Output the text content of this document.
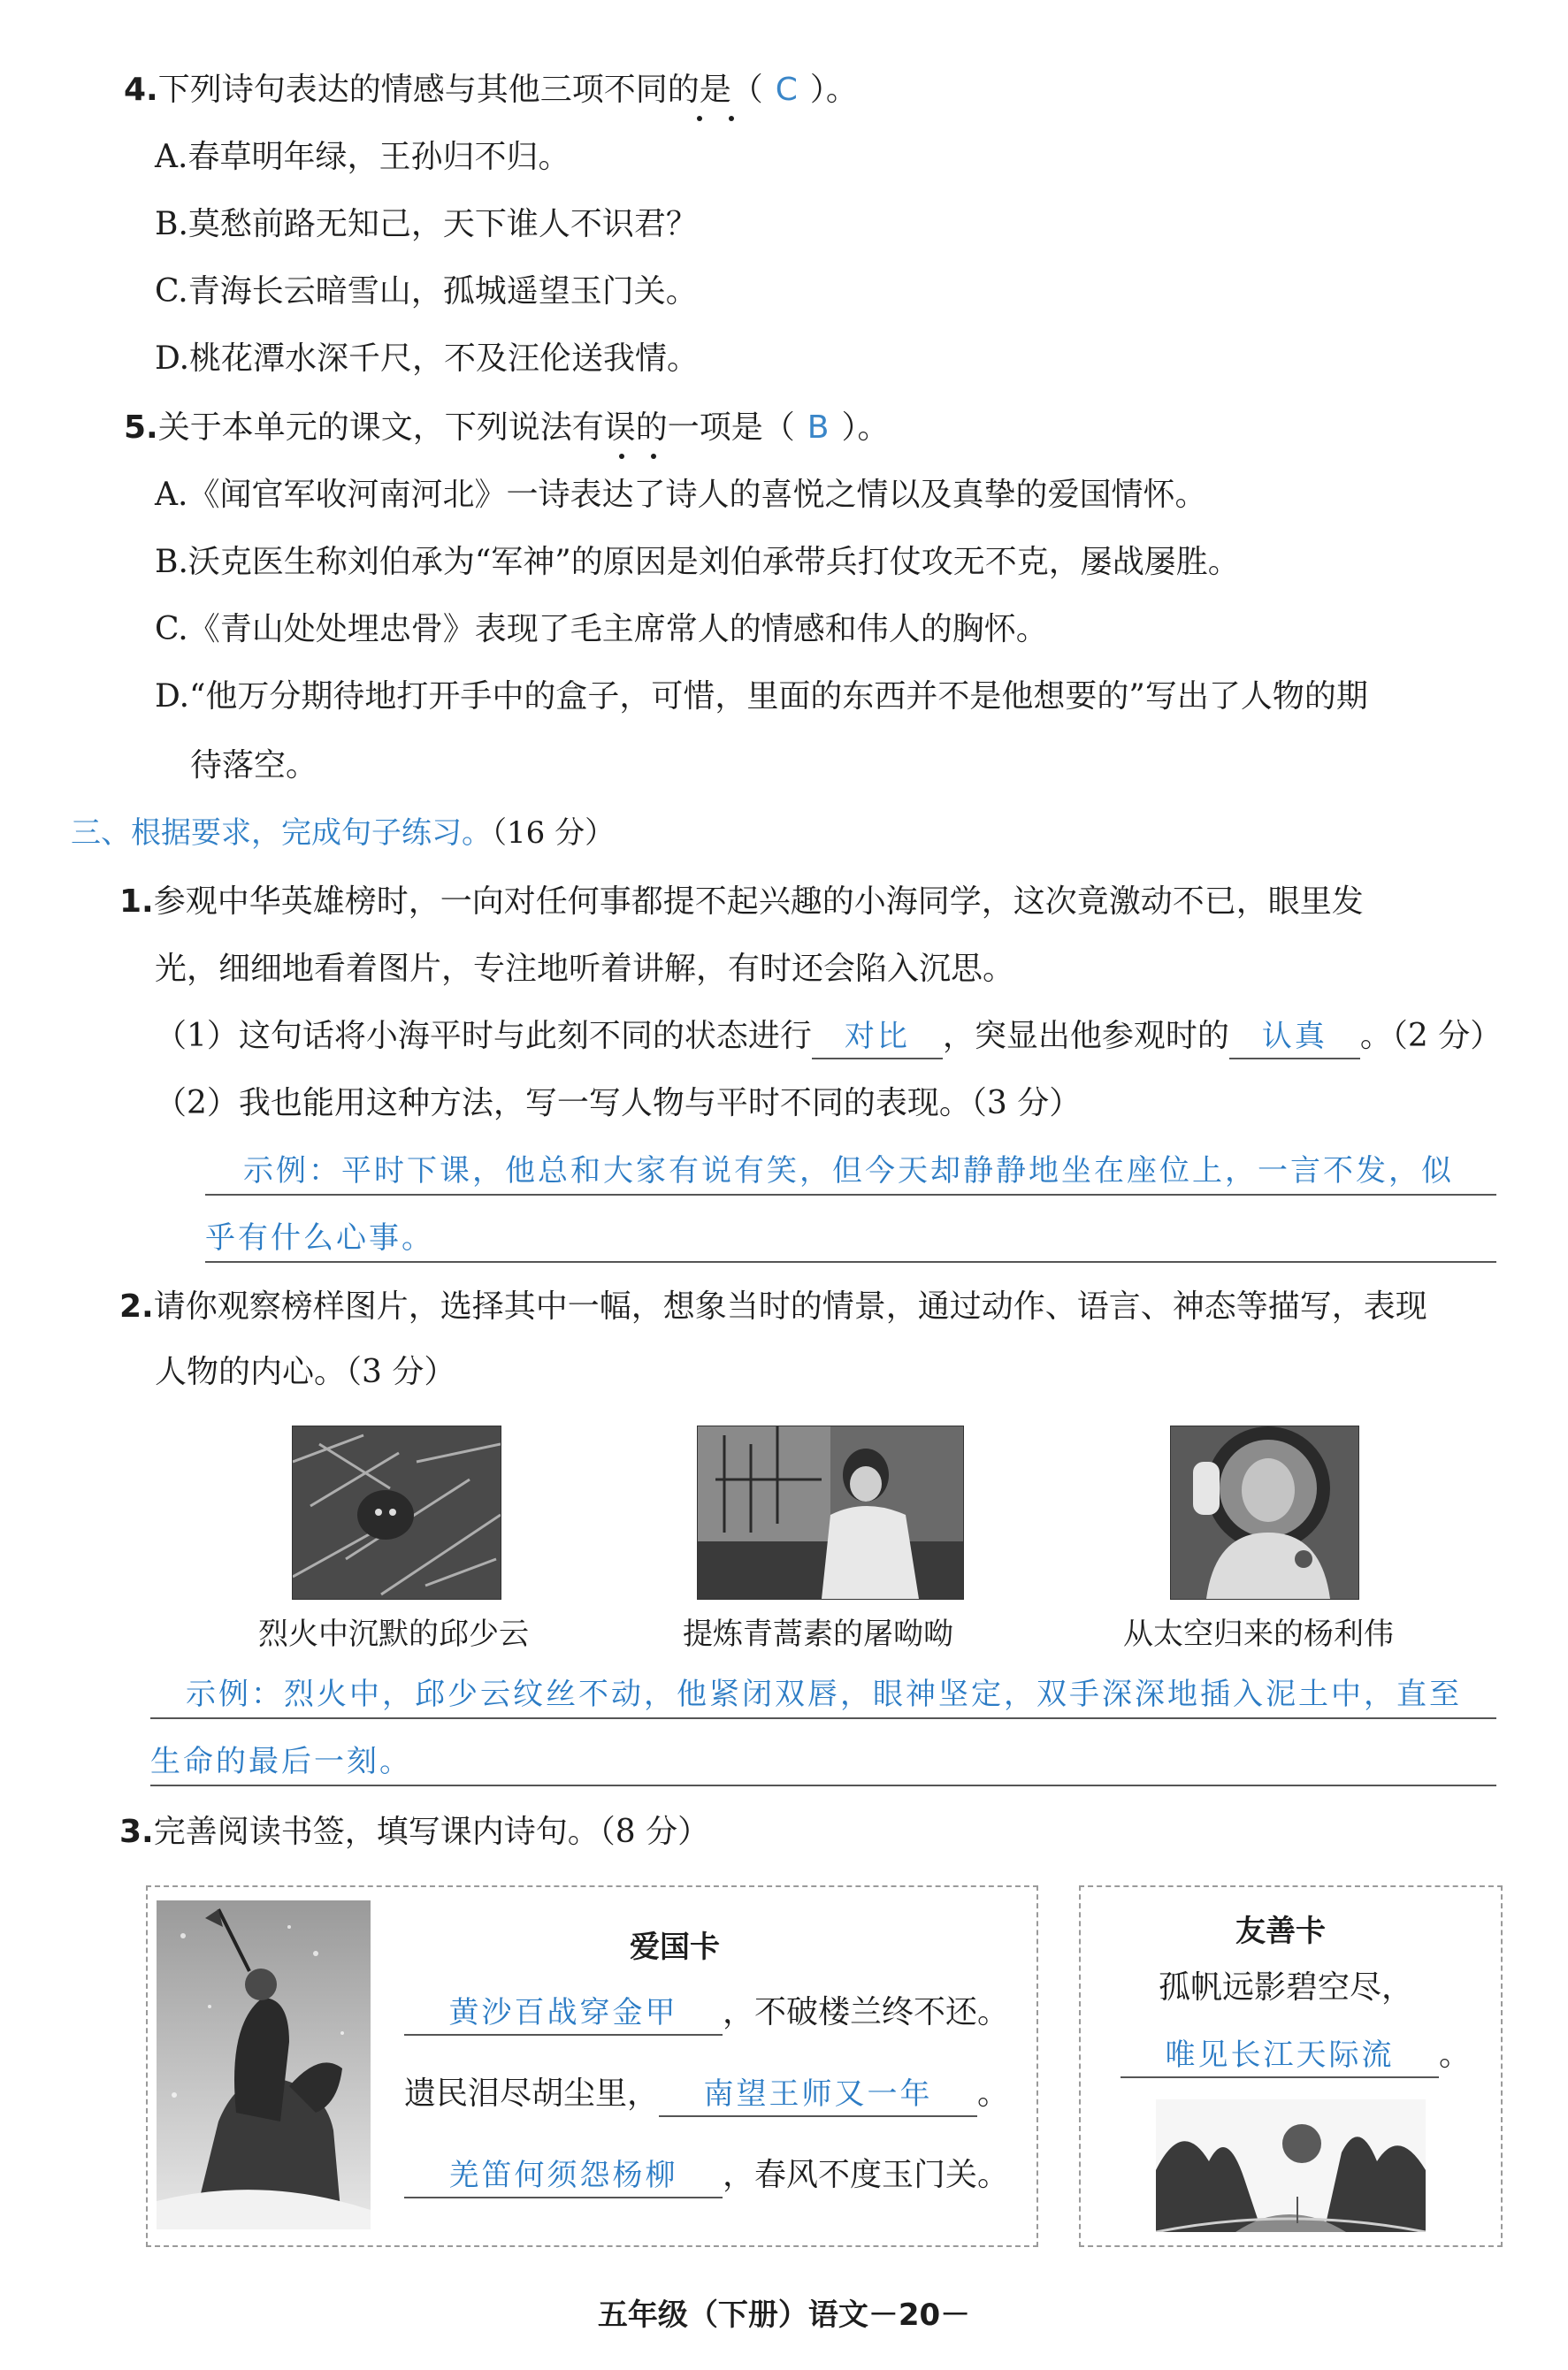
4.下列诗句表达的情感与其他三项不同的是（ C ）。
A.春草明年绿，王孙归不归。
B.莫愁前路无知己，天下谁人不识君？
C.青海长云暗雪山，孤城遥望玉门关。
D.桃花潭水深千尺，不及汪伦送我情。
5.关于本单元的课文，下列说法有误的一项是（ B ）。
A.《闻官军收河南河北》一诗表达了诗人的喜悦之情以及真挚的爱国情怀。
B.沃克医生称刘伯承为“军神”的原因是刘伯承带兵打仗攻无不克，屡战屡胜。
C.《青山处处埋忠骨》表现了毛主席常人的情感和伟人的胸怀。
D.“他万分期待地打开手中的盒子，可惜，里面的东西并不是他想要的”写出了人物的期
待落空。
三、根据要求，完成句子练习。（16 分）
1.参观中华英雄榜时，一向对任何事都提不起兴趣的小海同学，这次竟激动不已，眼里发
光，细细地看着图片，专注地听着讲解，有时还会陷入沉思。
（1）这句话将小海平时与此刻不同的状态进行 对比 ，突显出他参观时的 认真 。（2 分）
（2）我也能用这种方法，写一写人物与平时不同的表现。（3 分）
示例：平时下课，他总和大家有说有笑，但今天却静静地坐在座位上，一言不发，似
乎有什么心事。
2.请你观察榜样图片，选择其中一幅，想象当时的情景，通过动作、语言、神态等描写，表现
人物的内心。（3 分）
烈火中沉默的邱少云	提炼青蒿素的屠呦呦	从太空归来的杨利伟
示例：烈火中，邱少云纹丝不动，他紧闭双唇，眼神坚定，双手深深地插入泥土中，直至
生命的最后一刻。
3.完善阅读书签，填写课内诗句。（8 分）
爱国卡
黄沙百战穿金甲 ，不破楼兰终不还。
遗民泪尽胡尘里， 南望王师又一年 。
羌笛何须怨杨柳 ，春风不度玉门关。
友善卡
孤帆远影碧空尽，
唯见长江天际流 。
五年级（下册）语文－20－
